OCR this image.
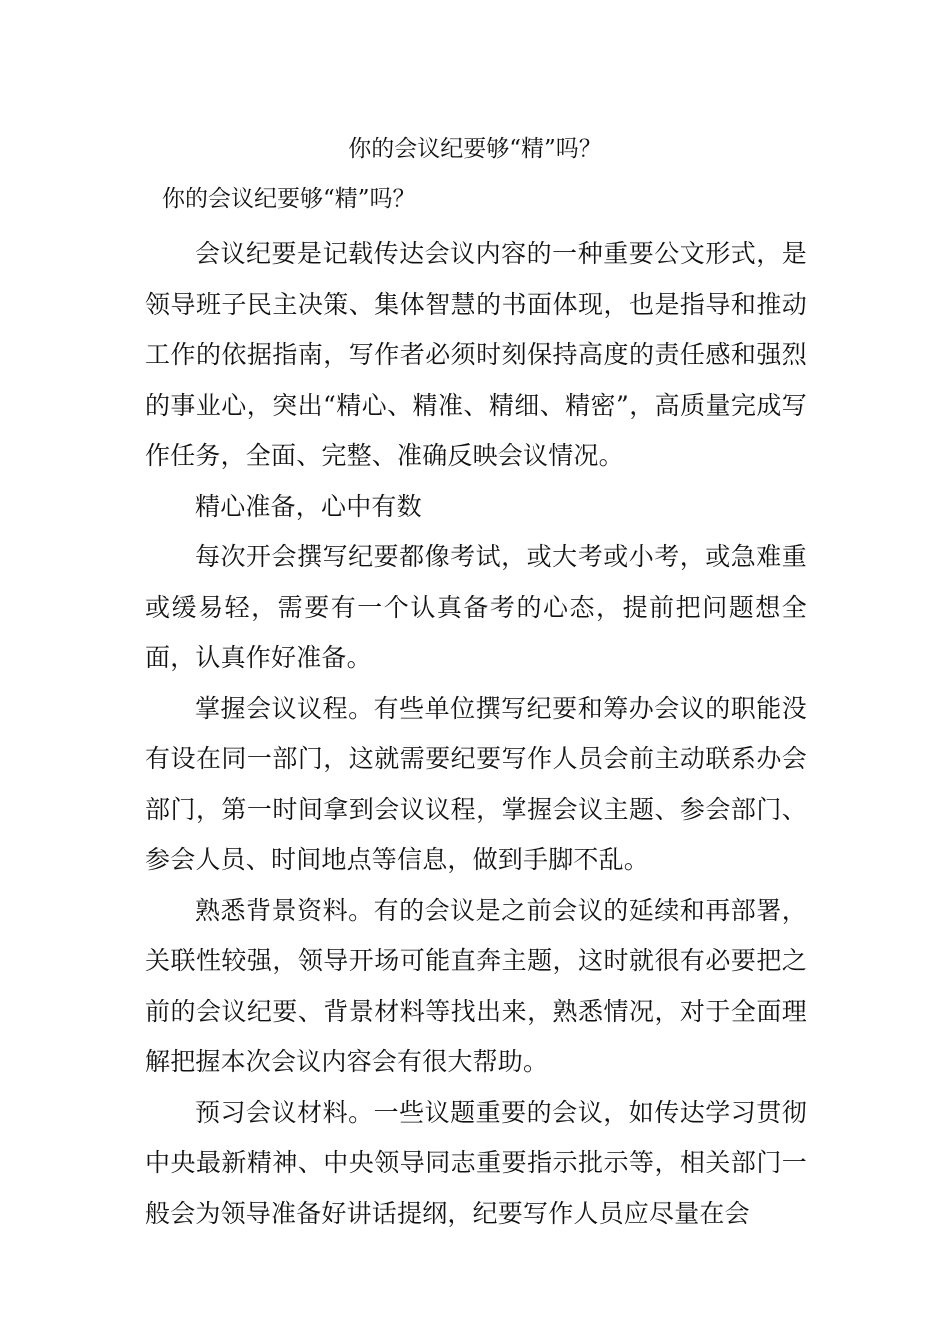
你的会议纪要够“精”吗？

你的会议纪要够“精”吗？

会议纪要是记载传达会议内容的一种重要公文形式，是领导班子民主决策、集体智慧的书面体现，也是指导和推动工作的依据指南，写作者必须时刻保持高度的责任感和强烈的事业心，突出“精心、精准、精细、精密”，高质量完成写作任务，全面、完整、准确反映会议情况。

精心准备，心中有数

每次开会撰写纪要都像考试，或大考或小考，或急难重或缓易轻，需要有一个认真备考的心态，提前把问题想全面，认真作好准备。

掌握会议议程。有些单位撰写纪要和筹办会议的职能没有设在同一部门，这就需要纪要写作人员会前主动联系办会部门，第一时间拿到会议议程，掌握会议主题、参会部门、参会人员、时间地点等信息，做到手脚不乱。

熟悉背景资料。有的会议是之前会议的延续和再部署，关联性较强，领导开场可能直奔主题，这时就很有必要把之前的会议纪要、背景材料等找出来，熟悉情况，对于全面理解把握本次会议内容会有很大帮助。

预习会议材料。一些议题重要的会议，如传达学习贯彻中央最新精神、中央领导同志重要指示批示等，相关部门一般会为领导准备好讲话提纲，纪要写作人员应尽量在会
